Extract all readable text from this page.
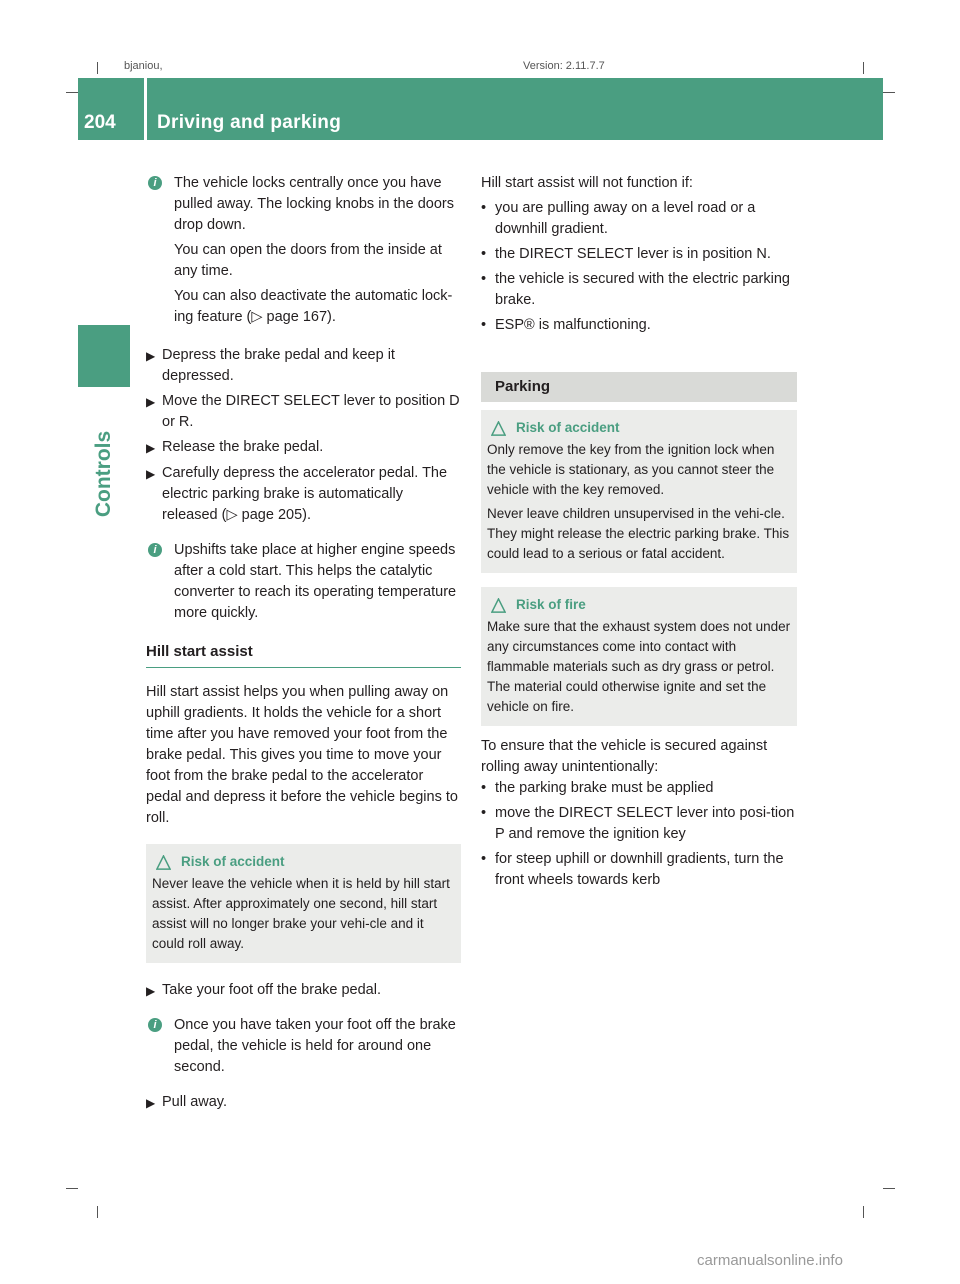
bjaniou,	Version: 2.11.7.7
204 Driving and parking
Controls
i	The vehicle locks centrally once you have pulled away. The locking knobs in the doors drop down.

You can open the doors from the inside at any time.

You can also deactivate the automatic lock-ing feature (▷ page 167).

▶ Depress the brake pedal and keep it depressed.

▶ Move the DIRECT SELECT lever to position D or R.

▶ Release the brake pedal.

▶ Carefully depress the accelerator pedal. The electric parking brake is automatically released (▷ page 205).

i	Upshifts take place at higher engine speeds after a cold start. This helps the catalytic converter to reach its operating temperature more quickly.

Hill start assist

Hill start assist helps you when pulling away on uphill gradients. It holds the vehicle for a short time after you have removed your foot from the brake pedal. This gives you time to move your foot from the brake pedal to the accelerator pedal and depress it before the vehicle begins to roll.

Risk of accident

Never leave the vehicle when it is held by hill start assist. After approximately one second, hill start assist will no longer brake your vehi-cle and it could roll away.

▶ Take your foot off the brake pedal.

i	Once you have taken your foot off the brake pedal, the vehicle is held for around one second.

▶ Pull away.

Hill start assist will not function if:

• you are pulling away on a level road or a downhill gradient.

• the DIRECT SELECT lever is in position N.

• the vehicle is secured with the electric parking brake.

• ESP® is malfunctioning.

Parking
Risk of accident

Only remove the key from the ignition lock when the vehicle is stationary, as you cannot steer the vehicle with the key removed.

Never leave children unsupervised in the vehi-cle. They might release the electric parking brake. This could lead to a serious or fatal accident.

Risk of fire

Make sure that the exhaust system does not under any circumstances come into contact with flammable materials such as dry grass or petrol. The material could otherwise ignite and set the vehicle on fire.

To ensure that the vehicle is secured against rolling away unintentionally:

• the parking brake must be applied

• move the DIRECT SELECT lever into posi-tion P and remove the ignition key

• for steep uphill or downhill gradients, turn the front wheels towards kerb

carmanualsonline.info
